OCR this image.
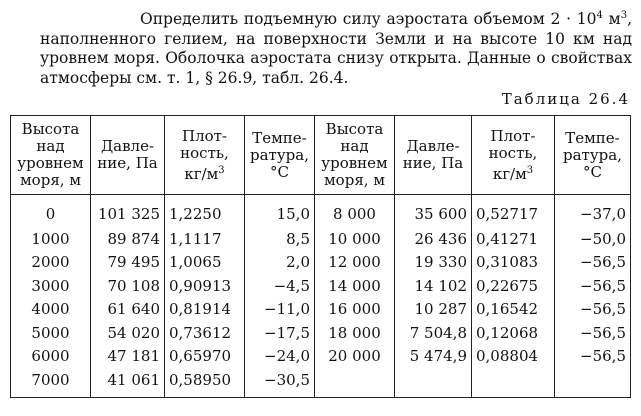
Определить подъемную силу аэростата объемом $2 \cdot 10^4$ $м^3$, наполненного гелием, на поверхности Земли и на высоте 10 км над уровнем моря. Оболочка аэростата снизу открыта. Данные о свойствах атмосферы см. т. 1, § 26.9, табл. 26.4.

Таблица 26.4
Высота над уровнем моря, м	Давле- ние, Па	Плот- ность, $кг/м^3$	Темпе- ратура, °C	Высота над уровнем моря, м	Давле- ние, Па	Плот- ность, $кг/м^3$	Темпе- ратура, °C
0	101 325	1,2250	15,0	8 000	35 600	0,52717	−37,0
1000	89 874	1,1117	8,5	10 000	26 436	0,41271	−50,0
2000	79 495	1,0065	2,0	12 000	19 330	0,31083	−56,5
3000	70 108	0,90913	−4,5	14 000	14 102	0,22675	−56,5
4000	61 640	0,81914	−11,0	16 000	10 287	0,16542	−56,5
5000	54 020	0,73612	−17,5	18 000	7 504,8	0,12068	−56,5
6000	47 181	0,65970	−24,0	20 000	5 474,9	0,08804	−56,5
7000	41 061	0,58950	−30,5				
